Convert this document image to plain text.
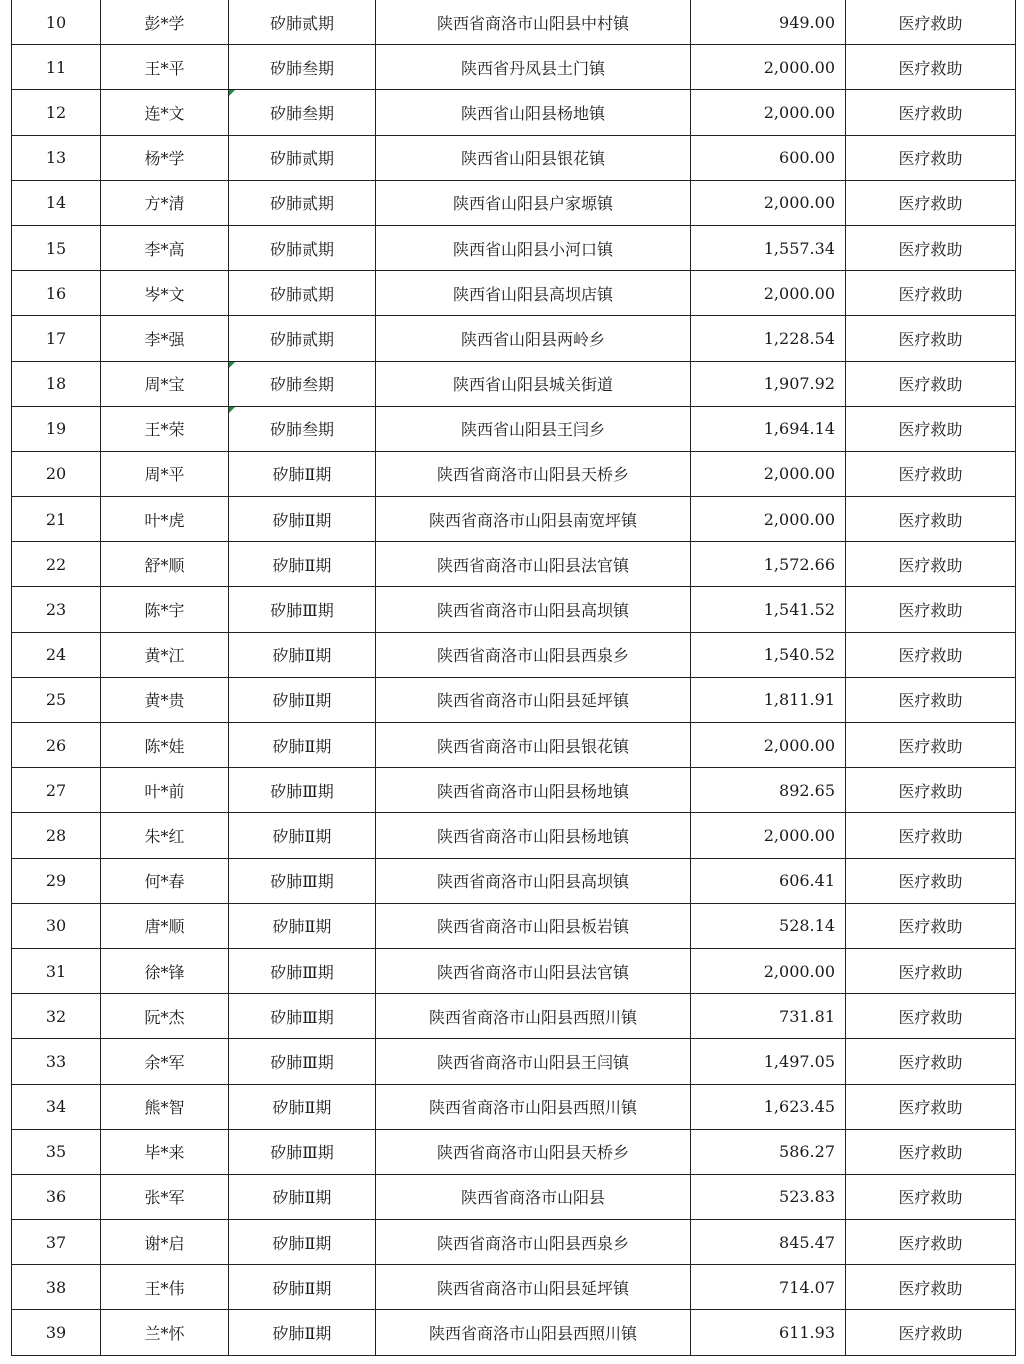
10	彭*学	矽肺贰期	陕西省商洛市山阳县中村镇	949.00	医疗救助
11	王*平	矽肺叁期	陕西省丹凤县土门镇	2,000.00	医疗救助
12	连*文	矽肺叁期	陕西省山阳县杨地镇	2,000.00	医疗救助
13	杨*学	矽肺贰期	陕西省山阳县银花镇	600.00	医疗救助
14	方*清	矽肺贰期	陕西省山阳县户家塬镇	2,000.00	医疗救助
15	李*高	矽肺贰期	陕西省山阳县小河口镇	1,557.34	医疗救助
16	岑*文	矽肺贰期	陕西省山阳县高坝店镇	2,000.00	医疗救助
17	李*强	矽肺贰期	陕西省山阳县两岭乡	1,228.54	医疗救助
18	周*宝	矽肺叁期	陕西省山阳县城关街道	1,907.92	医疗救助
19	王*荣	矽肺叁期	陕西省山阳县王闫乡	1,694.14	医疗救助
20	周*平	矽肺Ⅱ期	陕西省商洛市山阳县天桥乡	2,000.00	医疗救助
21	叶*虎	矽肺Ⅱ期	陕西省商洛市山阳县南宽坪镇	2,000.00	医疗救助
22	舒*顺	矽肺Ⅱ期	陕西省商洛市山阳县法官镇	1,572.66	医疗救助
23	陈*宇	矽肺Ⅲ期	陕西省商洛市山阳县高坝镇	1,541.52	医疗救助
24	黄*江	矽肺Ⅱ期	陕西省商洛市山阳县西泉乡	1,540.52	医疗救助
25	黄*贵	矽肺Ⅱ期	陕西省商洛市山阳县延坪镇	1,811.91	医疗救助
26	陈*娃	矽肺Ⅱ期	陕西省商洛市山阳县银花镇	2,000.00	医疗救助
27	叶*前	矽肺Ⅲ期	陕西省商洛市山阳县杨地镇	892.65	医疗救助
28	朱*红	矽肺Ⅱ期	陕西省商洛市山阳县杨地镇	2,000.00	医疗救助
29	何*春	矽肺Ⅲ期	陕西省商洛市山阳县高坝镇	606.41	医疗救助
30	唐*顺	矽肺Ⅱ期	陕西省商洛市山阳县板岩镇	528.14	医疗救助
31	徐*锋	矽肺Ⅲ期	陕西省商洛市山阳县法官镇	2,000.00	医疗救助
32	阮*杰	矽肺Ⅲ期	陕西省商洛市山阳县西照川镇	731.81	医疗救助
33	余*军	矽肺Ⅲ期	陕西省商洛市山阳县王闫镇	1,497.05	医疗救助
34	熊*智	矽肺Ⅱ期	陕西省商洛市山阳县西照川镇	1,623.45	医疗救助
35	毕*来	矽肺Ⅲ期	陕西省商洛市山阳县天桥乡	586.27	医疗救助
36	张*军	矽肺Ⅱ期	陕西省商洛市山阳县	523.83	医疗救助
37	谢*启	矽肺Ⅱ期	陕西省商洛市山阳县西泉乡	845.47	医疗救助
38	王*伟	矽肺Ⅱ期	陕西省商洛市山阳县延坪镇	714.07	医疗救助
39	兰*怀	矽肺Ⅱ期	陕西省商洛市山阳县西照川镇	611.93	医疗救助
